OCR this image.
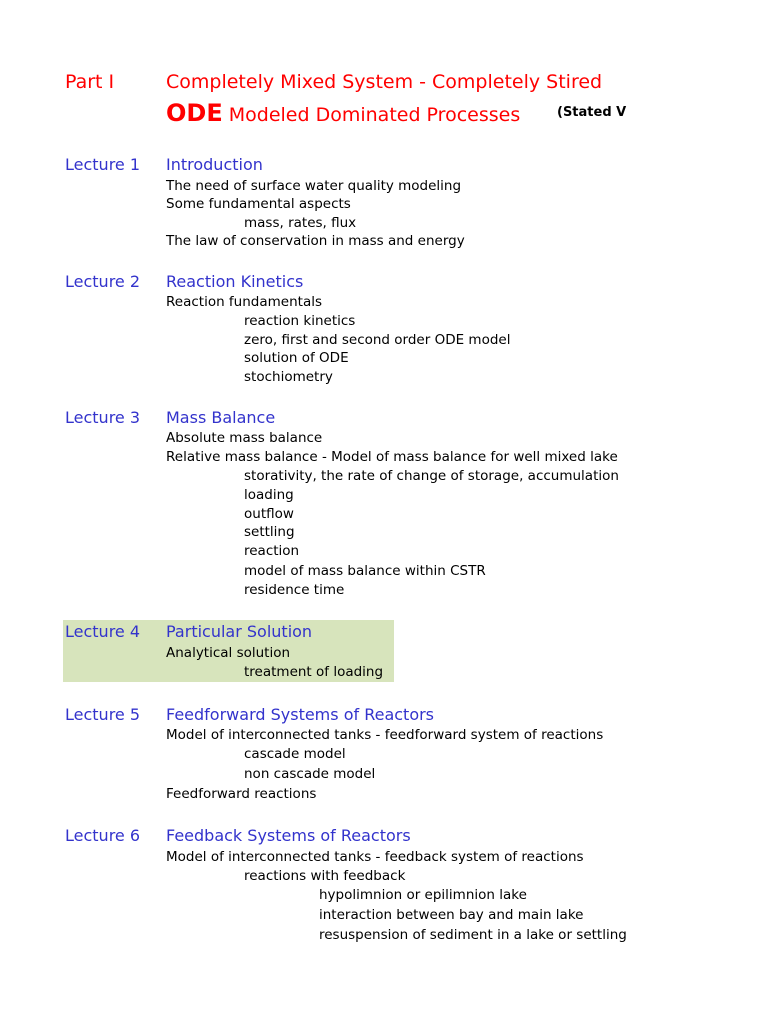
Part I	Completely Mixed System - Completely Stired
ODE Modeled Dominated Processes	(Stated V
Lecture 1 Introduction
The need of surface water quality modeling
Some fundamental aspects
mass, rates, flux
The law of conservation in mass and energy
Lecture 2 Reaction Kinetics
Reaction fundamentals
reaction kinetics
zero, first and second order ODE model
solution of ODE
stochiometry
Lecture 3 Mass Balance
Absolute mass balance
Relative mass balance - Model of mass balance for well mixed lake
storativity, the rate of change of storage, accumulation
loading
outflow
settling
reaction
model of mass balance within CSTR
residence time
Lecture 4 Particular Solution
Analytical solution
treatment of loading
Lecture 5 Feedforward Systems of Reactors
Model of interconnected tanks - feedforward system of reactions
cascade model
non cascade model
Feedforward reactions
Lecture 6 Feedback Systems of Reactors
Model of interconnected tanks - feedback system of reactions
reactions with feedback
hypolimnion or epilimnion lake
interaction between bay and main lake
resuspension of sediment in a lake or settling
